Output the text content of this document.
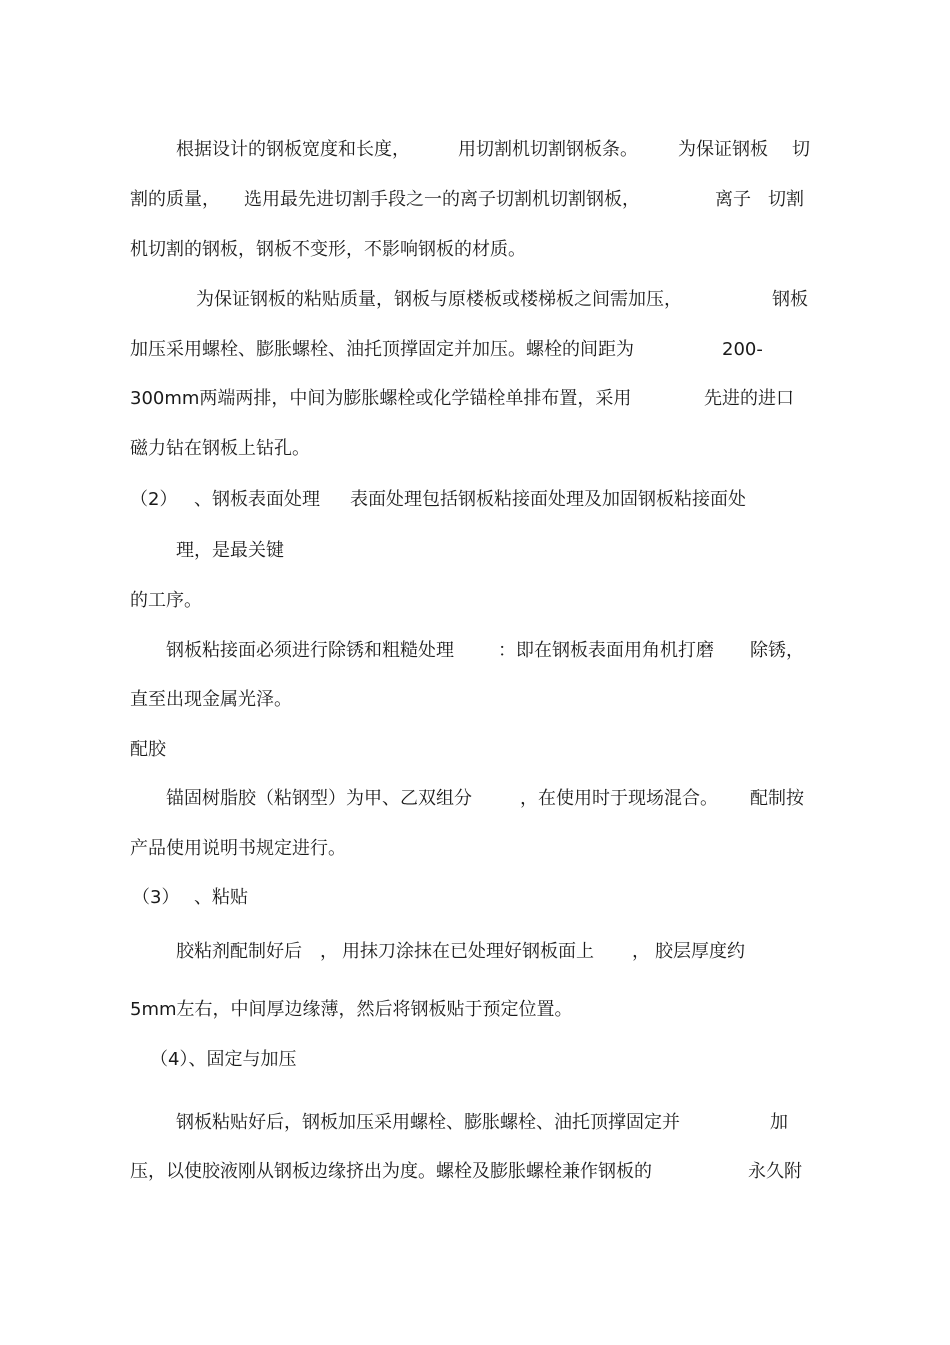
根据设计的钢板宽度和长度，	用切割机切割钢板条。 为保证钢板 切
割的质量， 选用最先进切割手段之一的离子切割机切割钢板，	离子 切割
机切割的钢板，钢板不变形，不影响钢板的材质。
为保证钢板的粘贴质量，钢板与原楼板或楼梯板之间需加压，	钢板
加压采用螺栓、膨胀螺栓、油托顶撑固定并加压。螺栓的间距为	200-
300mm两端两排，中间为膨胀螺栓或化学锚栓单排布置，采用	先进的进口
磁力钻在钢板上钻孔。
（2） 、钢板表面处理 表面处理包括钢板粘接面处理及加固钢板粘接面处
理，是最关键
的工序。
钢板粘接面必须进行除锈和粗糙处理 ：即在钢板表面用角机打磨 除锈，
直至出现金属光泽。
配胶
锚固树脂胶（粘钢型）为甲、乙双组分	，在使用时于现场混合。 配制按
产品使用说明书规定进行。
（3） 、粘贴
胶粘剂配制好后 ， 用抹刀涂抹在已处理好钢板面上 ， 胶层厚度约
5mm左右，中间厚边缘薄，然后将钢板贴于预定位置。
（4）、固定与加压
钢板粘贴好后，钢板加压采用螺栓、膨胀螺栓、油托顶撑固定并	加
压，以使胶液刚从钢板边缘挤出为度。螺栓及膨胀螺栓兼作钢板的	永久附
